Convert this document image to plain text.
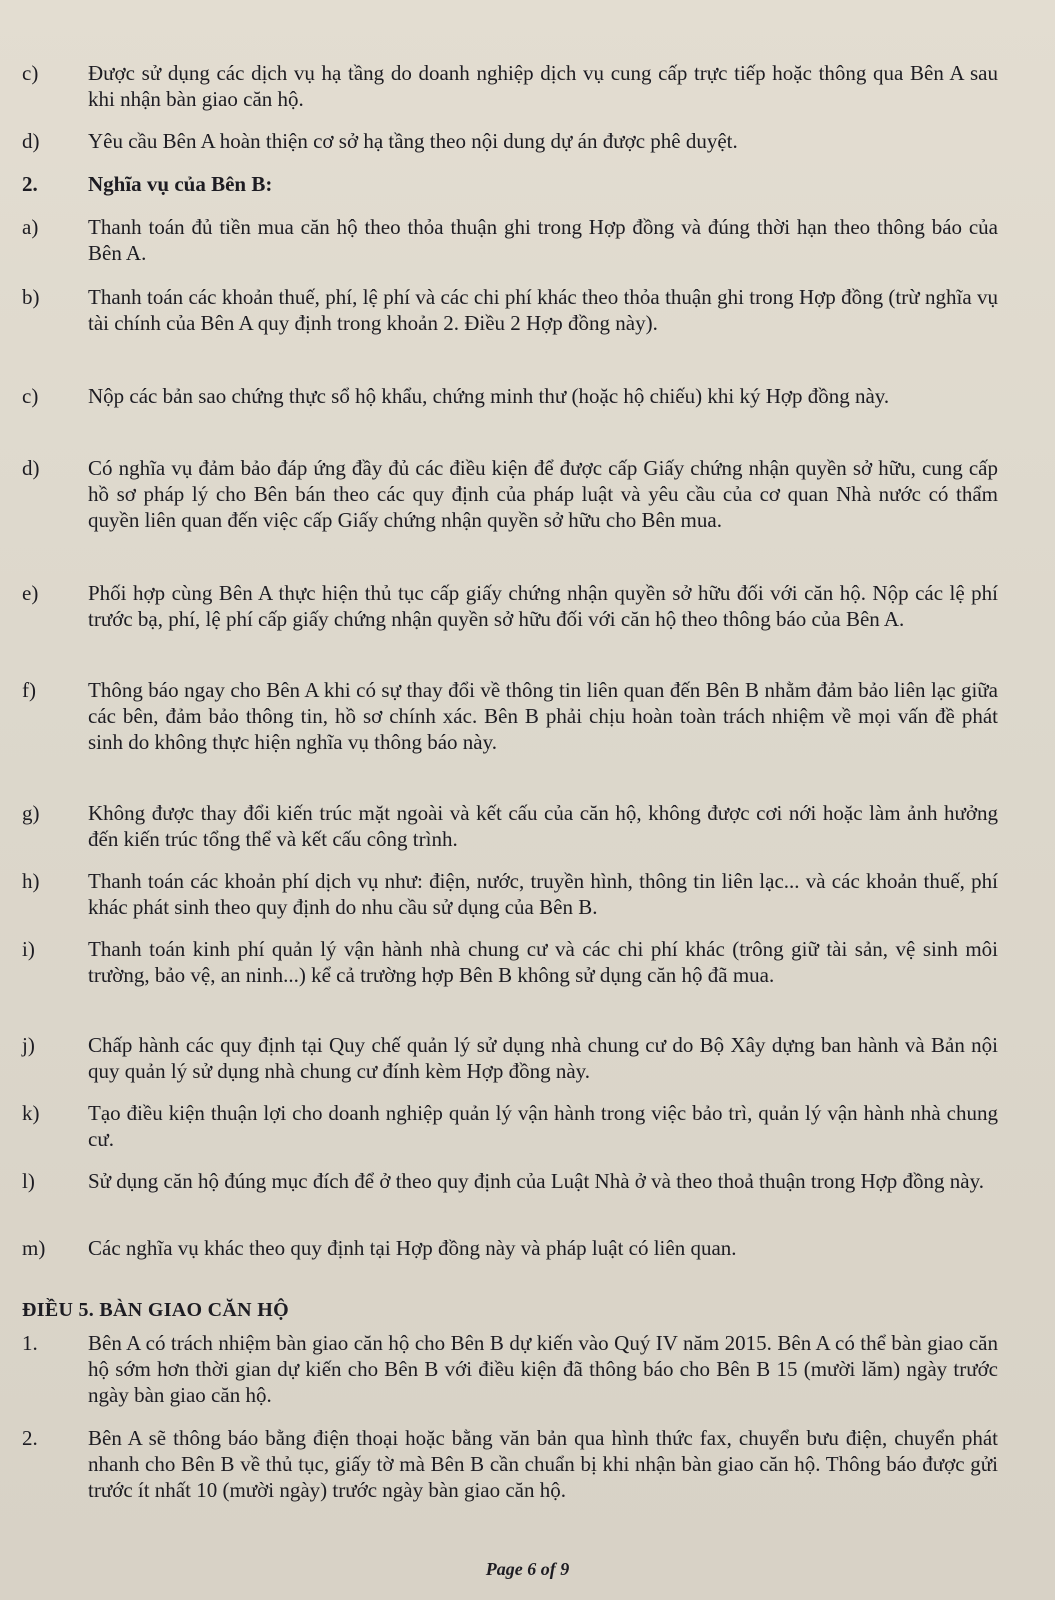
c)	Được sử dụng các dịch vụ hạ tầng do doanh nghiệp dịch vụ cung cấp trực tiếp hoặc thông qua Bên A sau khi nhận bàn giao căn hộ.
d)	Yêu cầu Bên A hoàn thiện cơ sở hạ tầng theo nội dung dự án được phê duyệt.
2.	Nghĩa vụ của Bên B:
a)	Thanh toán đủ tiền mua căn hộ theo thỏa thuận ghi trong Hợp đồng và đúng thời hạn theo thông báo của Bên A.
b)	Thanh toán các khoản thuế, phí, lệ phí và các chi phí khác theo thỏa thuận ghi trong Hợp đồng (trừ nghĩa vụ tài chính của Bên A quy định trong khoản 2. Điều 2 Hợp đồng này).
c)	Nộp các bản sao chứng thực sổ hộ khẩu, chứng minh thư (hoặc hộ chiếu) khi ký Hợp đồng này.
d)	Có nghĩa vụ đảm bảo đáp ứng đầy đủ các điều kiện để được cấp Giấy chứng nhận quyền sở hữu, cung cấp hồ sơ pháp lý cho Bên bán theo các quy định của pháp luật và yêu cầu của cơ quan Nhà nước có thẩm quyền liên quan đến việc cấp Giấy chứng nhận quyền sở hữu cho Bên mua.
e)	Phối hợp cùng Bên A thực hiện thủ tục cấp giấy chứng nhận quyền sở hữu đối với căn hộ. Nộp các lệ phí trước bạ, phí, lệ phí cấp giấy chứng nhận quyền sở hữu đối với căn hộ theo thông báo của Bên A.
f)	Thông báo ngay cho Bên A khi có sự thay đổi về thông tin liên quan đến Bên B nhằm đảm bảo liên lạc giữa các bên, đảm bảo thông tin, hồ sơ chính xác. Bên B phải chịu hoàn toàn trách nhiệm về mọi vấn đề phát sinh do không thực hiện nghĩa vụ thông báo này.
g)	Không được thay đổi kiến trúc mặt ngoài và kết cấu của căn hộ, không được cơi nới hoặc làm ảnh hưởng đến kiến trúc tổng thể và kết cấu công trình.
h)	Thanh toán các khoản phí dịch vụ như: điện, nước, truyền hình, thông tin liên lạc... và các khoản thuế, phí khác phát sinh theo quy định do nhu cầu sử dụng của Bên B.
i)	Thanh toán kinh phí quản lý vận hành nhà chung cư và các chi phí khác (trông giữ tài sản, vệ sinh môi trường, bảo vệ, an ninh...) kể cả trường hợp Bên B không sử dụng căn hộ đã mua.
j)	Chấp hành các quy định tại Quy chế quản lý sử dụng nhà chung cư do Bộ Xây dựng ban hành và Bản nội quy quản lý sử dụng nhà chung cư đính kèm Hợp đồng này.
k)	Tạo điều kiện thuận lợi cho doanh nghiệp quản lý vận hành trong việc bảo trì, quản lý vận hành nhà chung cư.
l)	Sử dụng căn hộ đúng mục đích để ở theo quy định của Luật Nhà ở và theo thoả thuận trong Hợp đồng này.
m)	Các nghĩa vụ khác theo quy định tại Hợp đồng này và pháp luật có liên quan.
ĐIỀU 5. BÀN GIAO CĂN HỘ
1.	Bên A có trách nhiệm bàn giao căn hộ cho Bên B dự kiến vào Quý IV năm 2015. Bên A có thể bàn giao căn hộ sớm hơn thời gian dự kiến cho Bên B với điều kiện đã thông báo cho Bên B 15 (mười lăm) ngày trước ngày bàn giao căn hộ.
2.	Bên A sẽ thông báo bằng điện thoại hoặc bằng văn bản qua hình thức fax, chuyển bưu điện, chuyển phát nhanh cho Bên B về thủ tục, giấy tờ mà Bên B cần chuẩn bị khi nhận bàn giao căn hộ. Thông báo được gửi trước ít nhất 10 (mười ngày) trước ngày bàn giao căn hộ.
Page 6 of 9
